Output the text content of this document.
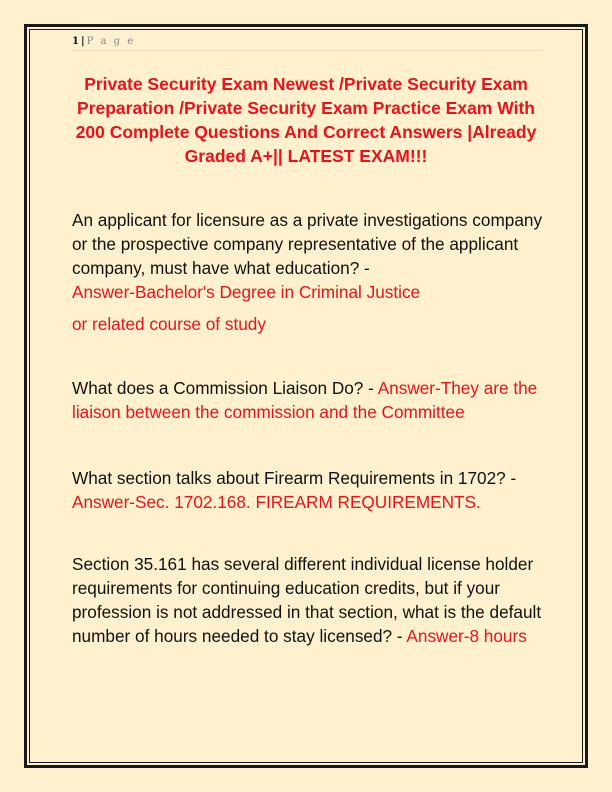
1 | P a g e
Private Security Exam Newest /Private Security Exam Preparation /Private Security Exam Practice Exam With 200 Complete Questions And Correct Answers |Already Graded A+|| LATEST EXAM!!!
An applicant for licensure as a private investigations company or the prospective company representative of the applicant company, must have what education? -
Answer-Bachelor's Degree in Criminal Justice
or related course of study
What does a Commission Liaison Do? - Answer-They are the liaison between the commission and the Committee
What section talks about Firearm Requirements in 1702? - Answer-Sec. 1702.168. FIREARM REQUIREMENTS.
Section 35.161 has several different individual license holder requirements for continuing education credits, but if your profession is not addressed in that section, what is the default number of hours needed to stay licensed? - Answer-8 hours
